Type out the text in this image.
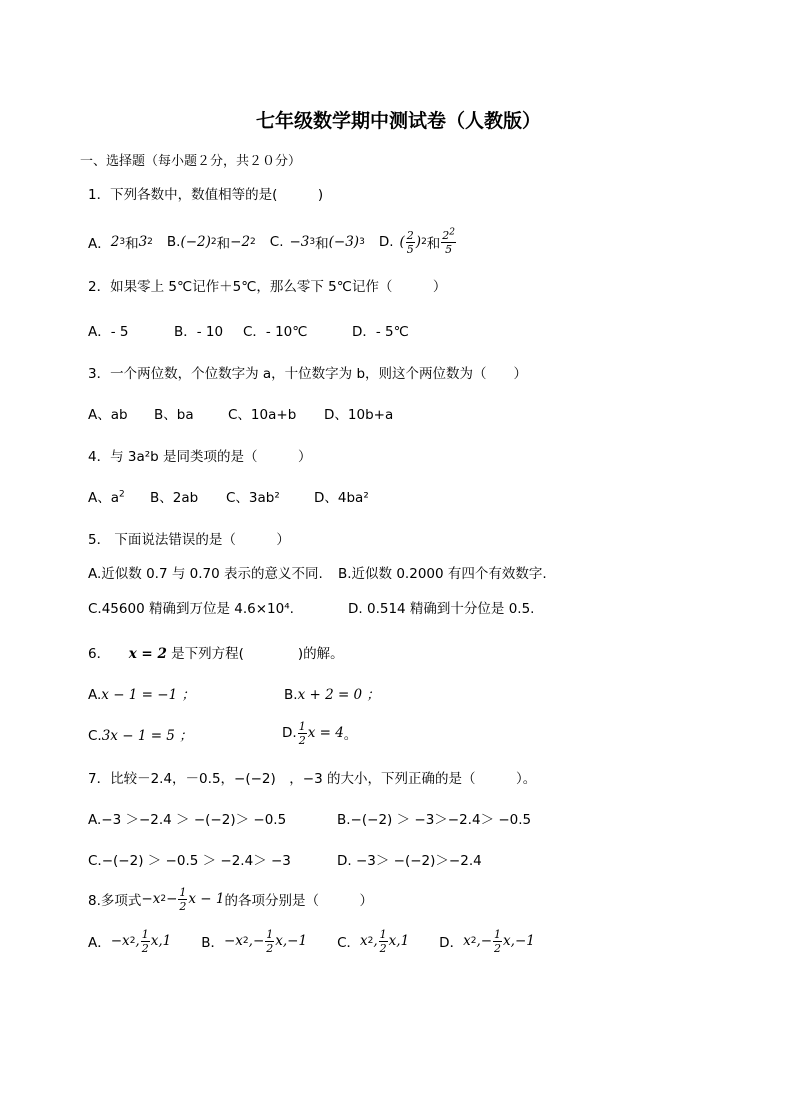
七年级数学期中测试卷（人教版）
一、选择题（每小题２分，共２０分）
1．下列各数中，数值相等的是(　　　)
A． 2 3 和 3 2 B. (−2) 2 和 −2 2 C. −3 3 和 (−3) 3 D. ( $\frac{2}{5}$ ) 2 和 $\frac{2^2}{5}$
2．如果零上 5℃记作＋5℃，那么零下 5℃记作（　　　）
A．- 5	B．- 10 C．- 10℃	D．- 5℃
3．一个两位数，个位数字为 a，十位数字为 b，则这个两位数为（　　）
A、ab B、ba	C、10a+b D、10b+a
4．与 3a²b 是同类项的是（　　　）
A、$a^2$ B、2ab C、3ab²	D、4ba²
5． 下面说法错误的是（　　　）
A.近似数 0.7 与 0.70 表示的意义不同. B.近似数 0.2000 有四个有效数字.
C.45600 精确到万位是 4.6×10⁴.	D. 0.514 精确到十分位是 0.5.
6． x = 2 是下列方程(　　　　)的解。
A.x − 1 = −1 ；	B.x + 2 = 0 ；
C.3x − 1 = 5 ；	D. $\frac{1}{2}$ x = 4 。
7．比较－2.4，－0.5，−(−2)　，−3 的大小，下列正确的是（　　　）。
A.−3 ＞−2.4 ＞ −(−2)＞ −0.5	B.−(−2) ＞ −3＞−2.4＞ −0.5
C.−(−2) ＞ −0.5 ＞ −2.4＞ −3	D. −3＞ −(−2)＞−2.4
8.多项式 −x $2 - \frac{1}{2}$ x − 1 的各项分别是（　　　）
A． −x 2 , $\frac{1}{2} x,1$ B． −x 2 ,− $\frac{1}{2} x,-1$ C． x 2 , $\frac{1}{2} x,1$ D． x 2 ,− $\frac{1}{2} x,-1$
